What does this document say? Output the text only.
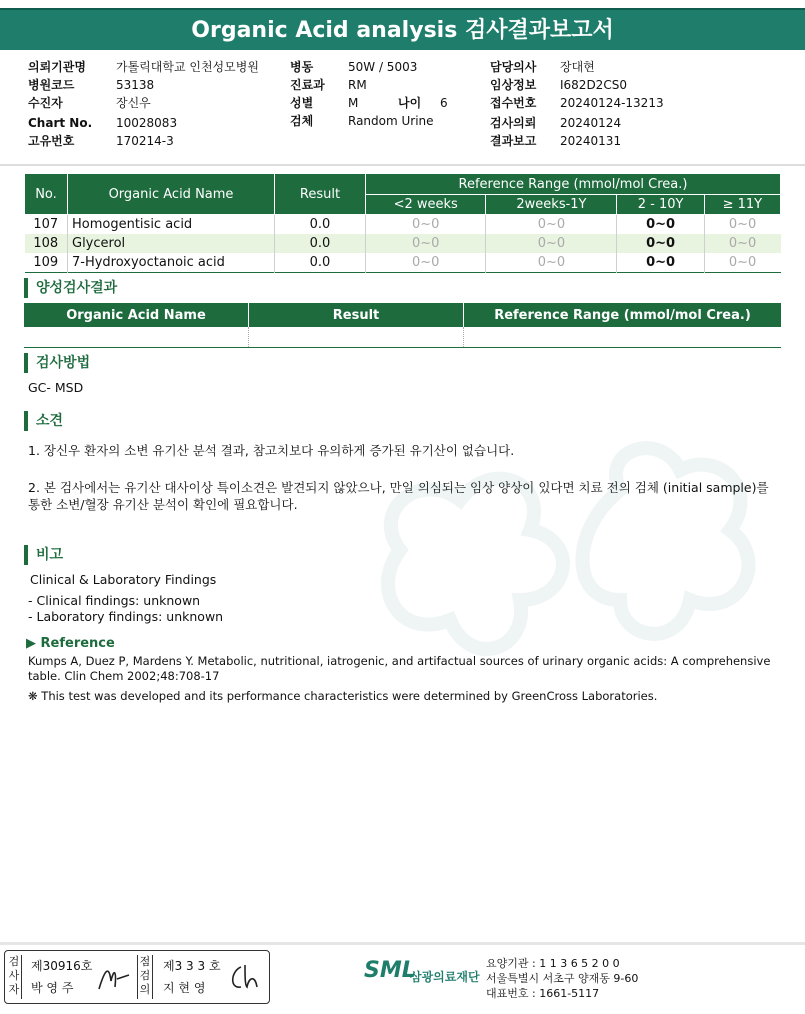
Organic Acid analysis 검사결과보고서
의뢰기관명	가톨릭대학교 인천성모병원
병원코드	53138
수진자	장신우
Chart No. 10028083
고유번호	170214-3
병동	50W / 5003
진료과 RM
성별	M	나이 6
검체	Random Urine
담당의사 장대현
임상정보 I682D2CS0
접수번호 20240124-13213
검사의뢰 20240124
결과보고 20240131
No.	Organic Acid Name	Result	Reference Range (mmol/mol Crea.)			
			<2 weeks	2weeks-1Y	2 - 10Y	≥ 11Y
107	Homogentisic acid	0.0	0~0	0~0	0~0	0~0
108	Glycerol	0.0	0~0	0~0	0~0	0~0
109	7-Hydroxyoctanoic acid	0.0	0~0	0~0	0~0	0~0
양성검사결과
Organic Acid Name	Result	Reference Range (mmol/mol Crea.)

검사방법
GC- MSD
소견
1. 장신우 환자의 소변 유기산 분석 결과, 참고치보다 유의하게 증가된 유기산이 없습니다.
2. 본 검사에서는 유기산 대사이상 특이소견은 발견되지 않았으나, 만일 의심되는 임상 양상이 있다면 치료 전의 검체 (initial sample)를
통한 소변/혈장 유기산 분석이 확인에 필요합니다.
비고
Clinical & Laboratory Findings
- Clinical findings: unknown
- Laboratory findings: unknown
▶ Reference
Kumps A, Duez P, Mardens Y. Metabolic, nutritional, iatrogenic, and artifactual sources of urinary organic acids: A comprehensive
table. Clin Chem 2002;48:708-17
❋ This test was developed and its performance characteristics were determined by GreenCross Laboratories.
검사자
제30916호
박 영 주
점검의
제3 3 3 호
지 현 영
SML
삼광의료재단
요양기관 : 1 1 3 6 5 2 0 0
서울특별시 서초구 양재동 9-60
대표번호 : 1661-5117
